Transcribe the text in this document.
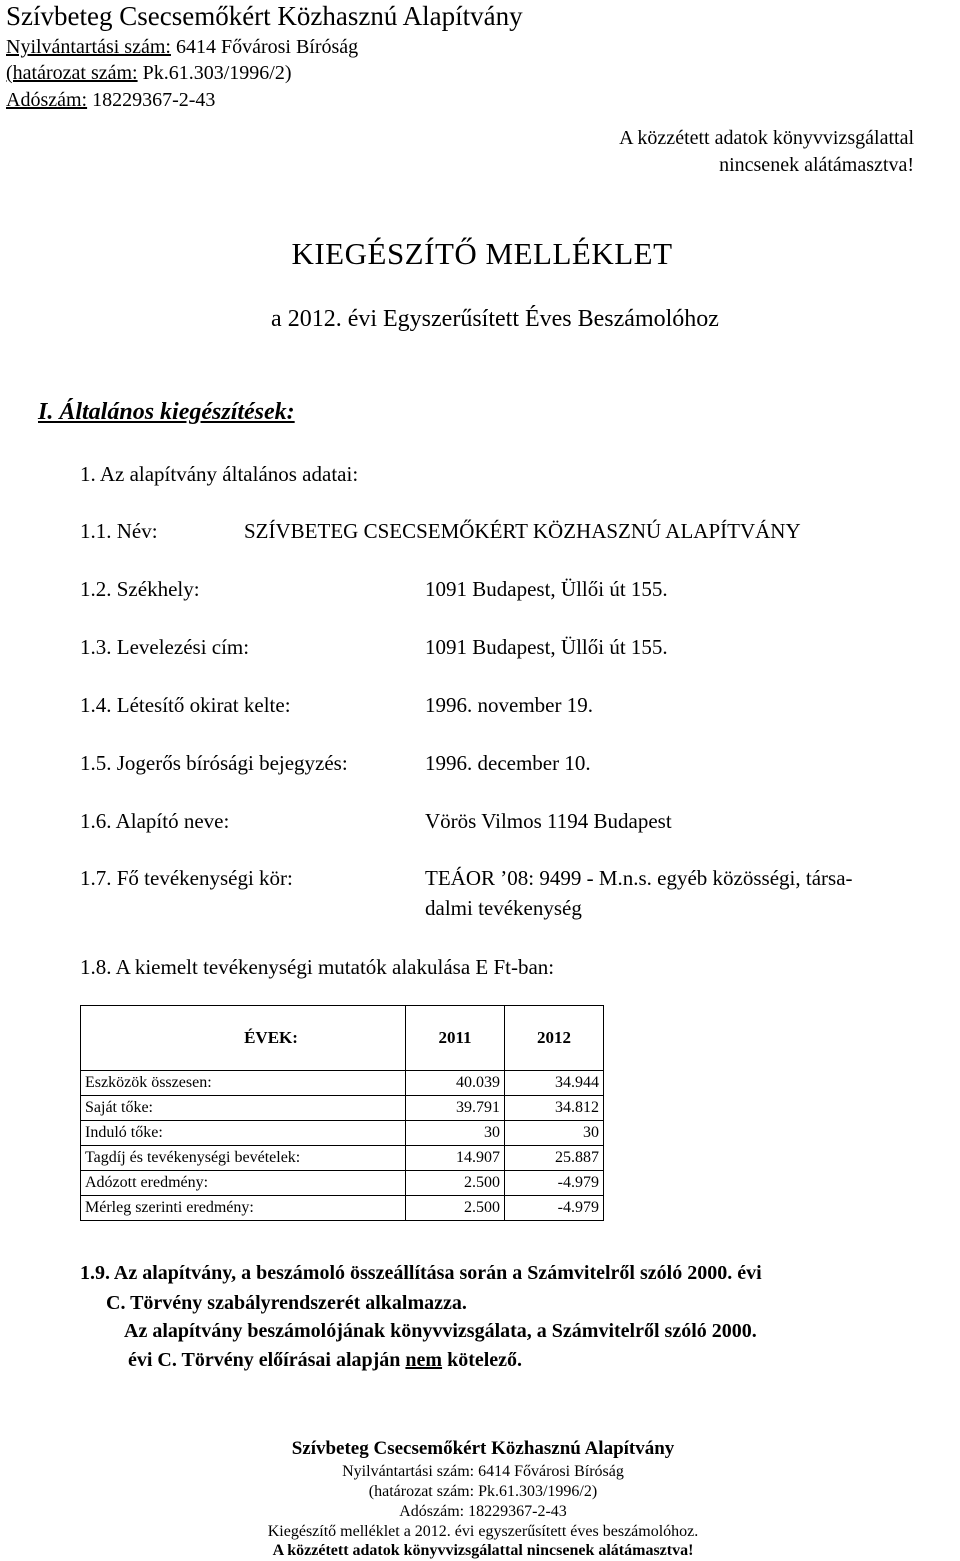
Szívbeteg Csecsemőkért Közhasznú Alapítvány
Nyilvántartási szám: 6414 Fővárosi Bíróság
(határozat szám: Pk.61.303/1996/2)
Adószám: 18229367-2-43
A közzétett adatok könyvvizsgálattal
nincsenek alátámasztva!
KIEGÉSZÍTŐ MELLÉKLET
a 2012. évi Egyszerűsített Éves Beszámolóhoz
I. Általános kiegészítések:
1. Az alapítvány általános adatai:
1.1. Név:	SZÍVBETEG CSECSEMŐKÉRT KÖZHASZNÚ ALAPÍTVÁNY
1.2. Székhely:	1091 Budapest, Üllői út 155.
1.3. Levelezési cím:	1091 Budapest, Üllői út 155.
1.4. Létesítő okirat kelte:	1996. november 19.
1.5. Jogerős bírósági bejegyzés:	1996. december 10.
1.6. Alapító neve:	Vörös Vilmos 1194 Budapest
1.7. Fő tevékenységi kör:	TEÁOR ’08: 9499 - M.n.s. egyéb közösségi, társa-
dalmi tevékenység
1.8. A kiemelt tevékenységi mutatók alakulása E Ft-ban:
ÉVEK:	2011	2012
Eszközök összesen:	40.039	34.944
Saját tőke:	39.791	34.812
Induló tőke:	30	30
Tagdíj és tevékenységi bevételek:	14.907	25.887
Adózott eredmény:	2.500	-4.979
Mérleg szerinti eredmény:	2.500	-4.979
1.9. Az alapítvány, a beszámoló összeállítása során a Számvitelről szóló 2000. évi
C. Törvény szabályrendszerét alkalmazza.
Az alapítvány beszámolójának könyvvizsgálata, a Számvitelről szóló 2000.
évi C. Törvény előírásai alapján nem kötelező.
Szívbeteg Csecsemőkért Közhasznú Alapítvány
Nyilvántartási szám: 6414 Fővárosi Bíróság
(határozat szám: Pk.61.303/1996/2)
Adószám: 18229367-2-43
Kiegészítő melléklet a 2012. évi egyszerűsített éves beszámolóhoz.
A közzétett adatok könyvvizsgálattal nincsenek alátámasztva!
